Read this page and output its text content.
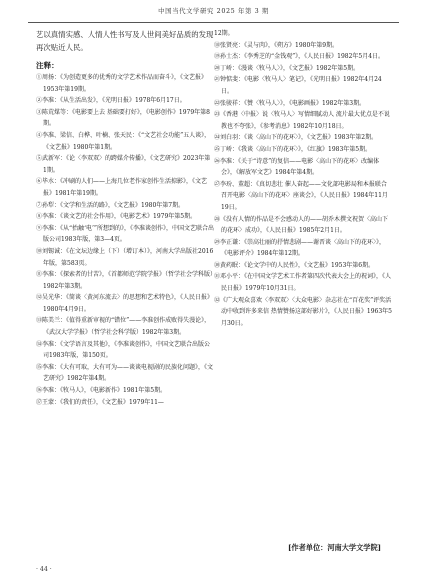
中国当代文学研究 2025 年第 3 期

艺以真情实感、人情人性书写及人世间美好品质的发现再次贴近人民。

注释：

①周扬：《为创造更多的优秀的文学艺术作品而奋斗》，《文艺报》1953年第19期。

②李准：《从生活出发》，《光明日报》1978年6月17日。

③陈荒煤等：《电影要上去 基础要打好》，《电影创作》1979年第8期。

④李准、梁信、白桦、叶楠、张天民：《“文艺社会功能”五人谈》，《文艺报》1980年第1期。

⑤武新军：《论〈李双双〉的跨媒介传播》，《文艺研究》2023年第1期。

⑥毕水：《冲刷的人们——上海几位老作家创作生活掠影》，《文艺报》1981年第19期。

⑦孙犁：《文学和生活的路》，《文艺报》1980年第7期。

⑧李准：《谈文艺的社会作用》，《电影艺术》1979年第5期。

⑨李准：《从“抬触‘电’”所想到的》，《李准谈创作》，中国文艺联合出版公司1983年版，第3—4页。

⑩刘锡诚：《在文坛边缘上（下）（增订本）》，河南大学出版社2016年版，第583页。

⑪李准：《探索者的甘苦》，《首都师范学院学报》（哲学社会学科版）1982年第3期。

⑫吴光华：《简谈〈黄河东流去〉的思想和艺术特色》，《人民日报》1980年4月9日。

⑬陈美兰：《值得重新审视的“错位”——李准创作成败得失漫论》，《武汉大学学报》（哲学社会科学版）1982年第3期。

⑭李准：《文学语言及其他》，《李准谈创作》，中国文艺联合出版公司1983年版，第150页。

⑮李准：《大有可取，大有可为——谈谈电视剧的民族化问题》，《文艺研究》1982年第4期。

⑯李准：《牧马人》，《电影新作》1981年第5期。

⑰王蒙：《我们的责任》，《文艺报》1979年11—

12期。

⑱张贤亮：《灵与肉》，《朔方》1980年第9期。

⑲孙士杰：《李秀芝的“金钱观”》，《人民日报》1982年5月4日。

⑳丁峤：《漫谈〈牧马人〉》，《文艺报》1982年第5期。

㉑钟惦斐：《电影〈牧马人〉笔记》，《光明日报》1982年4月24日。

㉒张骏祥：《赞〈牧马人〉》，《电影画报》1982年第3期。

㉓《香港〈中报〉说〈牧马人〉写情细腻动人 流片最大优点是不说教也不夸张》，《参考消息》1982年10月18日。

㉔刘白羽：《谈〈高山下的花环〉》，《文艺报》1983年第2期。

㉕丁峤：《我谈〈高山下的花环〉》，《红旗》1983年第5期。

㉖李准：《关于“诗意”的复信——电影〈高山下的花环〉改编体会》，《解放军文艺》1984年第4期。

㉗李玢、董超：《真切悲壮 催人奋起——文化部电影局和本报联合召开电影〈高山下的花环〉座谈会》，《人民日报》1984年11月19日。

㉘《没有人情的作品是不会感动人的——胡乔木撰文祝贺〈高山下的花环〉成功》，《人民日报》1985年2月1日。

㉙李正谦：《崇高壮丽的抒情悲剧——谢晋谈〈高山下的花环〉》，《电影评介》1984年第12期。

㉚黄药眠：《论文学中的人民性》，《文艺报》1953年第6期。

㉛邓小平：《在中国文学艺术工作者第四次代表大会上的祝词》，《人民日报》1979年10月31日。

㉜《广大观众喜欢〈李双双〉〈大众电影〉杂志社在“百花奖”评奖活动中收到许多来信 热情赞扬这部好影片》，《人民日报》1963年5月30日。

[作者单位：河南大学文学院]
· 44 ·
